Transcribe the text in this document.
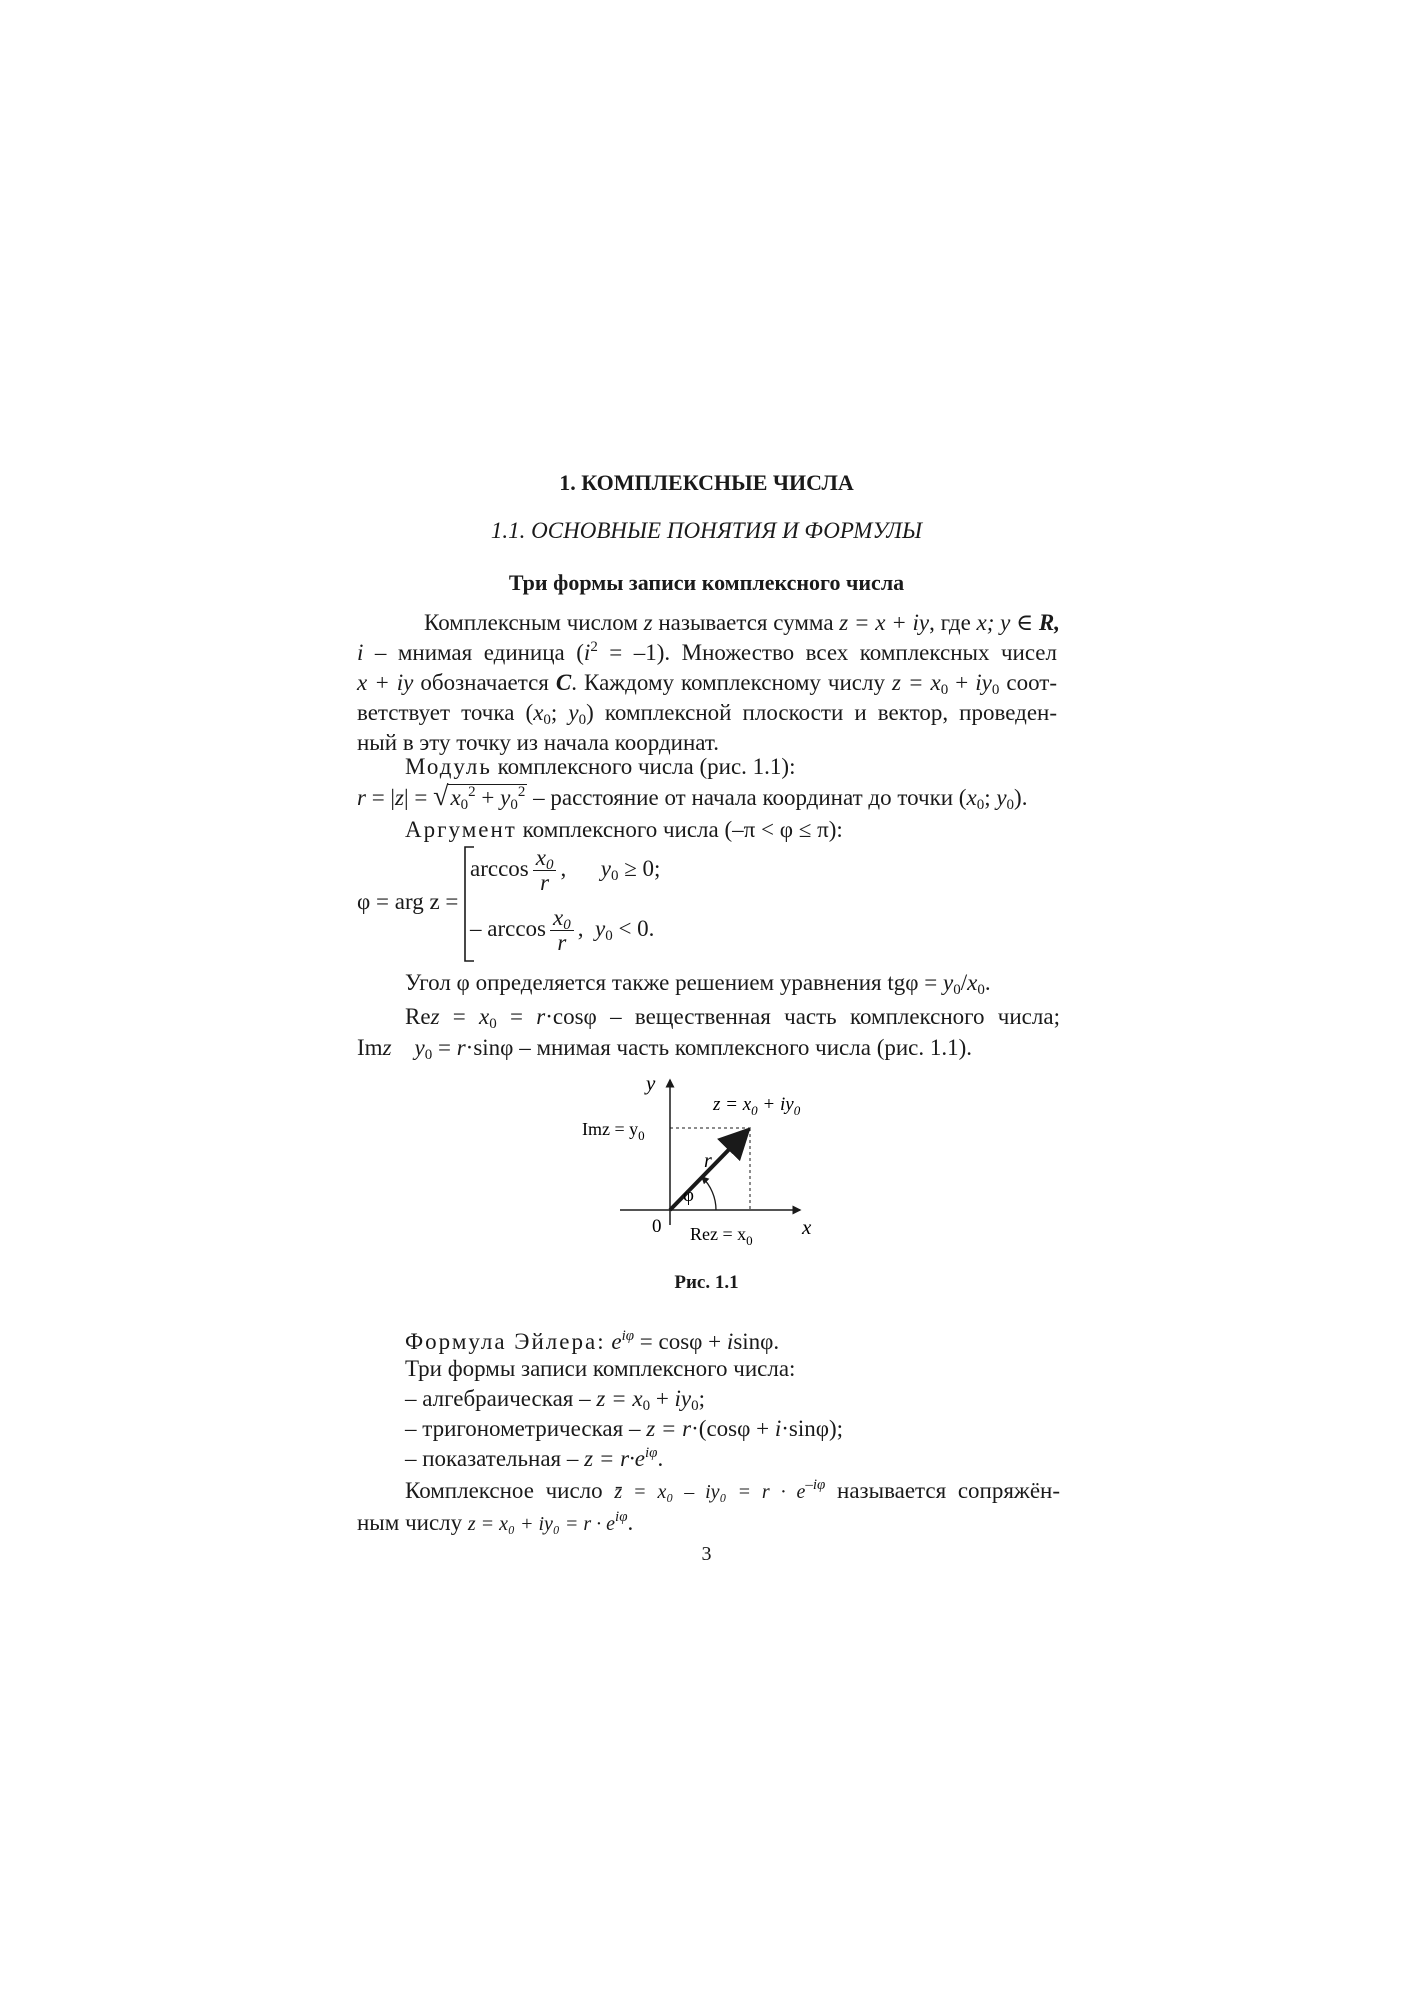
1. КОМПЛЕКСНЫЕ ЧИСЛА
1.1. ОСНОВНЫЕ ПОНЯТИЯ И ФОРМУЛЫ
Три формы записи комплексного числа
Комплексным числом z называется сумма z = x + iy, где x; y ∈ R,
i – мнимая единица $(i^2 = -1)$. Множество всех комплексных чисел
x + iy обозначается C. Каждому комплексному числу $z = x_0 + iy_0$ соот-
ветствует точка ($x_0$; $y_0$) комплексной плоскости и вектор, проведен-
ный в эту точку из начала координат.
Модуль комплексного числа (рис. 1.1):
$r = |z| = √x_0^2 + y_0^2$ – расстояние от начала координат до точки ($x_0$; $y_0$).
Аргумент комплексного числа (–π < φ ≤ π):
φ = arg z =
$\arccos \frac{x_0}{r}$ ,      $y_0 \ge 0$;
– $\arccos \frac{x_0}{r}$ ,  $y_0 < 0$.
Угол φ определяется также решением уравнения $tg\varphi = y_0/x_0$.
Rez = $x_0 = r\cdot\cos\varphi$ – вещественная часть комплексного числа;
Imz $y_0 = r\cdot\sin\varphi$ – мнимая часть комплексного числа (рис. 1.1).
y
x
0
$z = x_0 + iy_0$
Imz = $y_0$
Rez = $x_0$
r
φ
Рис. 1.1
Формула Эйлера: $e^{i\varphi} = \cos\varphi + isin\varphi$.
Три формы записи комплексного числа:
– алгебраическая – $z = x_0 + iy_0$;
– тригонометрическая – z = r·(cosφ + i·sinφ);
– показательная – $z = r\cdot e^{i\varphi}$.
Комплексное число z̄ = $x_0 - iy_0 = r \cdot e^{-i\varphi}$ называется сопряжён-
ным числу $z = x_0 + iy_0 = r \cdot e^{i\varphi}$.
3
